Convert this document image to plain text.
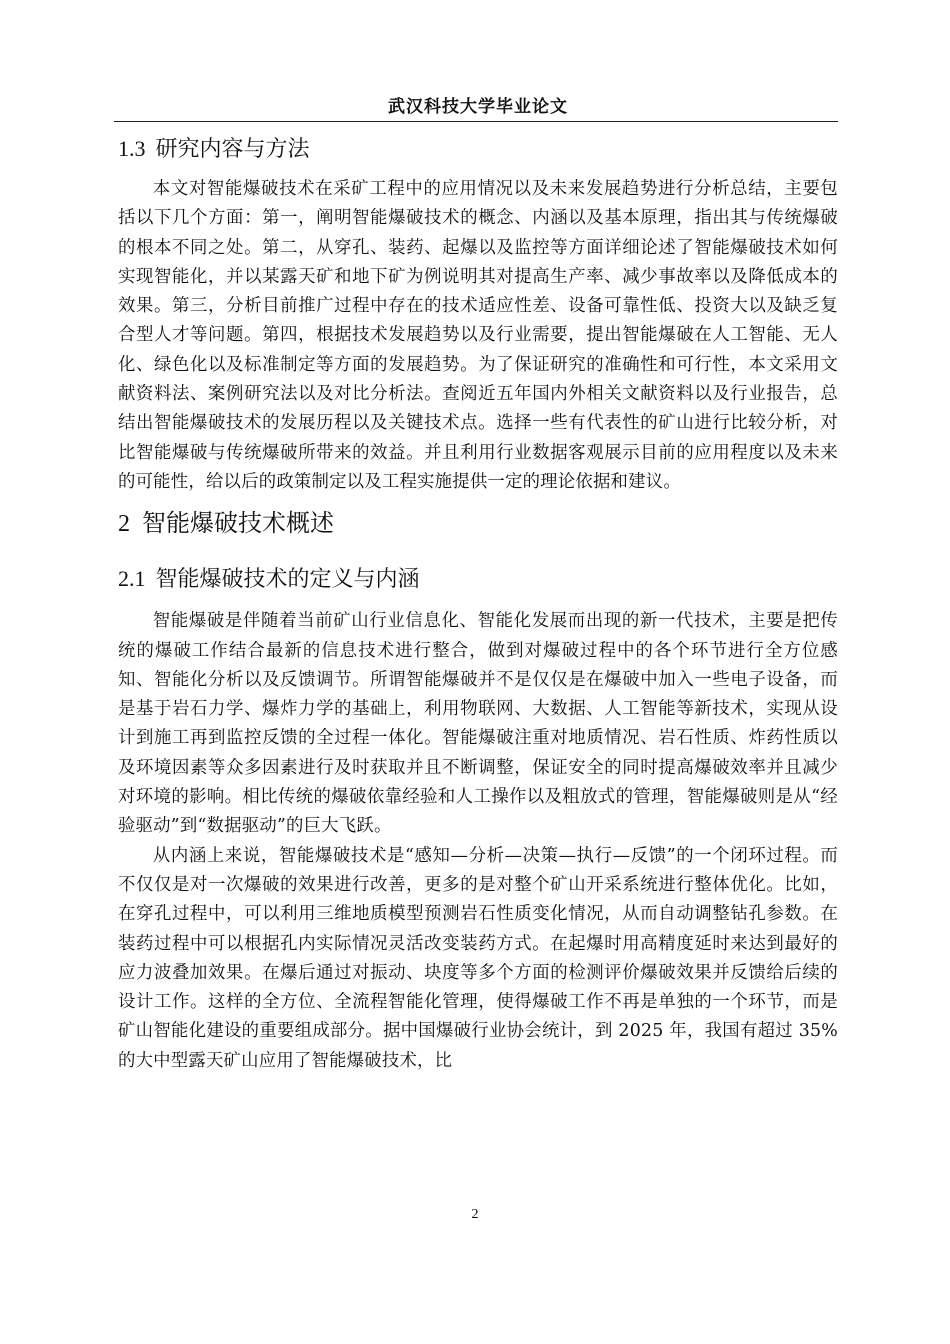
武汉科技大学毕业论文
1.3 研究内容与方法

本文对智能爆破技术在采矿工程中的应用情况以及未来发展趋势进行分析总结，主要包括以下几个方面：第一，阐明智能爆破技术的概念、内涵以及基本原理，指出其与传统爆破的根本不同之处。第二，从穿孔、装药、起爆以及监控等方面详细论述了智能爆破技术如何实现智能化，并以某露天矿和地下矿为例说明其对提高生产率、减少事故率以及降低成本的效果。第三，分析目前推广过程中存在的技术适应性差、设备可靠性低、投资大以及缺乏复合型人才等问题。第四，根据技术发展趋势以及行业需要，提出智能爆破在人工智能、无人化、绿色化以及标准制定等方面的发展趋势。为了保证研究的准确性和可行性，本文采用文献资料法、案例研究法以及对比分析法。查阅近五年国内外相关文献资料以及行业报告，总结出智能爆破技术的发展历程以及关键技术点。选择一些有代表性的矿山进行比较分析，对比智能爆破与传统爆破所带来的效益。并且利用行业数据客观展示目前的应用程度以及未来的可能性，给以后的政策制定以及工程实施提供一定的理论依据和建议。

2 智能爆破技术概述
2.1 智能爆破技术的定义与内涵

智能爆破是伴随着当前矿山行业信息化、智能化发展而出现的新一代技术，主要是把传统的爆破工作结合最新的信息技术进行整合，做到对爆破过程中的各个环节进行全方位感知、智能化分析以及反馈调节。所谓智能爆破并不是仅仅是在爆破中加入一些电子设备，而是基于岩石力学、爆炸力学的基础上，利用物联网、大数据、人工智能等新技术，实现从设计到施工再到监控反馈的全过程一体化。智能爆破注重对地质情况、岩石性质、炸药性质以及环境因素等众多因素进行及时获取并且不断调整，保证安全的同时提高爆破效率并且减少对环境的影响。相比传统的爆破依靠经验和人工操作以及粗放式的管理，智能爆破则是从“经验驱动”到“数据驱动”的巨大飞跃。

从内涵上来说，智能爆破技术是“感知—分析—决策—执行—反馈”的一个闭环过程。而不仅仅是对一次爆破的效果进行改善，更多的是对整个矿山开采系统进行整体优化。比如，在穿孔过程中，可以利用三维地质模型预测岩石性质变化情况，从而自动调整钻孔参数。在装药过程中可以根据孔内实际情况灵活改变装药方式。在起爆时用高精度延时来达到最好的应力波叠加效果。在爆后通过对振动、块度等多个方面的检测评价爆破效果并反馈给后续的设计工作。这样的全方位、全流程智能化管理，使得爆破工作不再是单独的一个环节，而是矿山智能化建设的重要组成部分。据中国爆破行业协会统计，到 2025 年，我国有超过 35%的大中型露天矿山应用了智能爆破技术，比

2
